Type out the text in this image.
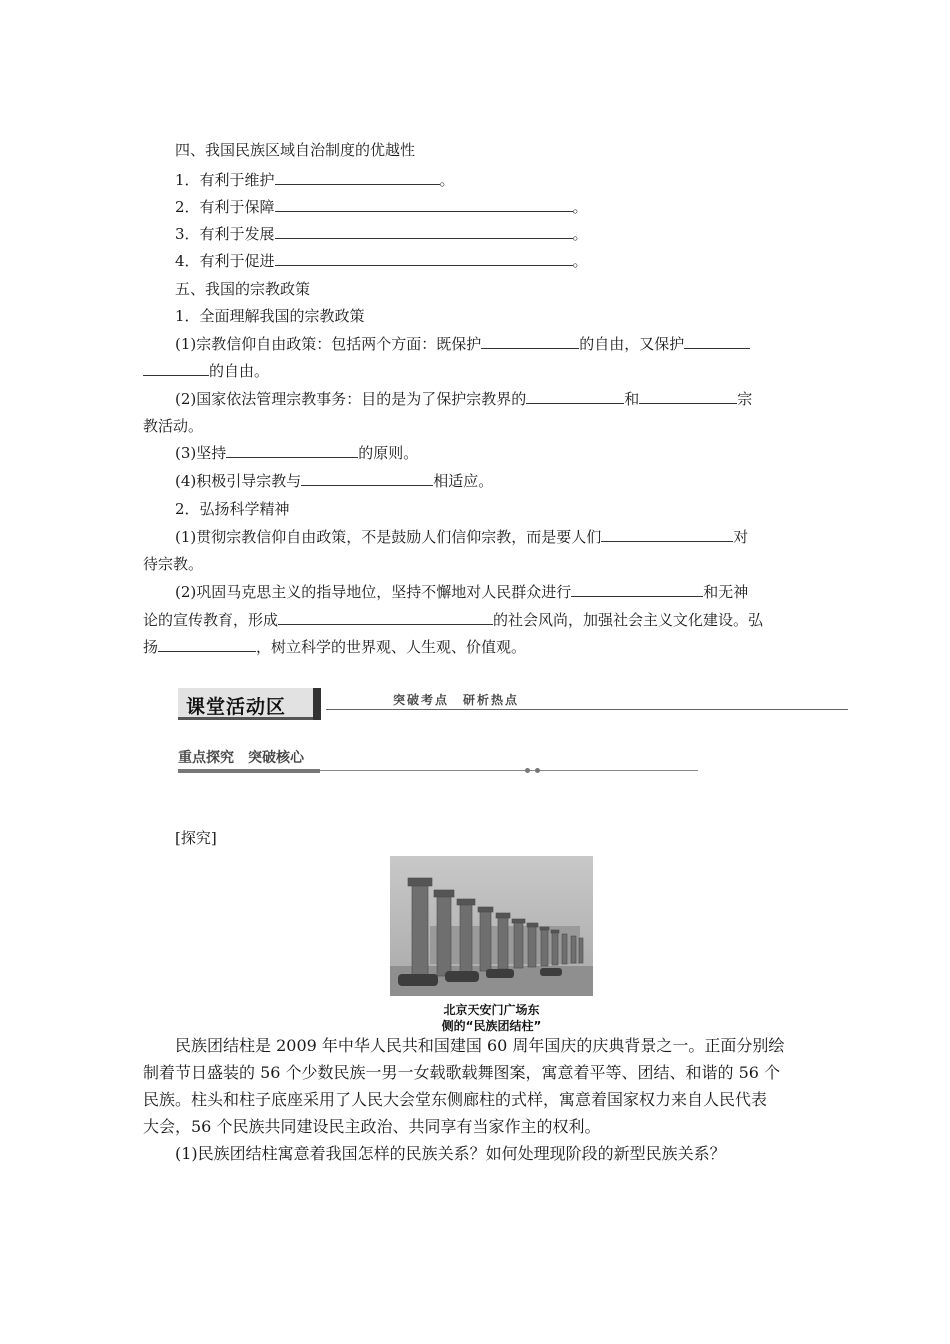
四、我国民族区域自治制度的优越性
1．有利于维护	。
2．有利于保障	。
3．有利于发展	。
4．有利于促进	。
五、我国的宗教政策
1．全面理解我国的宗教政策
(1)宗教信仰自由政策：包括两个方面：既保护	的自由，又保护
的自由。
(2)国家依法管理宗教事务：目的是为了保护宗教界的	和	宗
教活动。
(3)坚持	的原则。
(4)积极引导宗教与	相适应。
2．弘扬科学精神
(1)贯彻宗教信仰自由政策，不是鼓励人们信仰宗教，而是要人们	对
待宗教。
(2)巩固马克思主义的指导地位，坚持不懈地对人民群众进行	和无神
论的宣传教育，形成	的社会风尚，加强社会主义文化建设。弘
扬	，树立科学的世界观、人生观、价值观。
课堂活动区	突破考点　研析热点
重点探究　突破核心
[探究]
北京天安门广场东
侧的“民族团结柱”
民族团结柱是 2009 年中华人民共和国建国 60 周年国庆的庆典背景之一。正面分别绘
制着节日盛装的 56 个少数民族一男一女载歌载舞图案，寓意着平等、团结、和谐的 56 个
民族。柱头和柱子底座采用了人民大会堂东侧廊柱的式样，寓意着国家权力来自人民代表
大会，56 个民族共同建设民主政治、共同享有当家作主的权利。
(1)民族团结柱寓意着我国怎样的民族关系？如何处理现阶段的新型民族关系？
